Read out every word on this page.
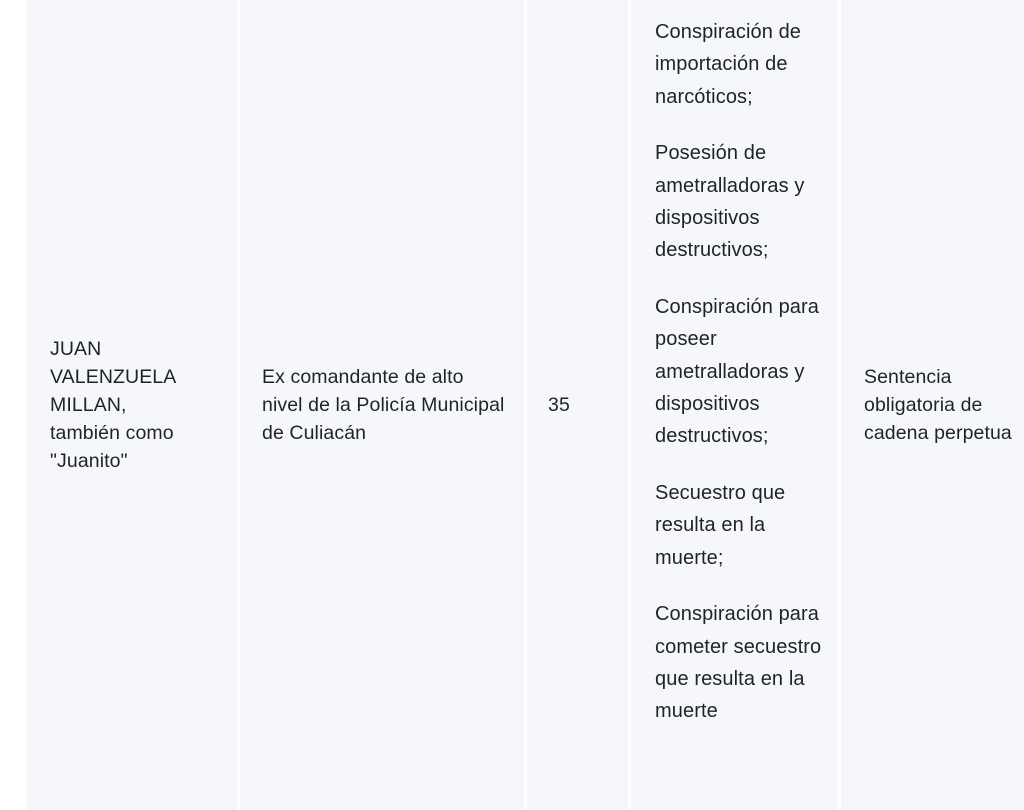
JUAN
VALENZUELA
MILLAN,
también como
"Juanito"
Ex comandante de alto nivel de la Policía Municipal de Culiacán
35
Conspiración de importación de narcóticos;
Posesión de ametralladoras y dispositivos destructivos;
Conspiración para poseer ametralladoras y dispositivos destructivos;
Secuestro que resulta en la muerte;
Conspiración para cometer secuestro que resulta en la muerte
Sentencia obligatoria de cadena perpetua
